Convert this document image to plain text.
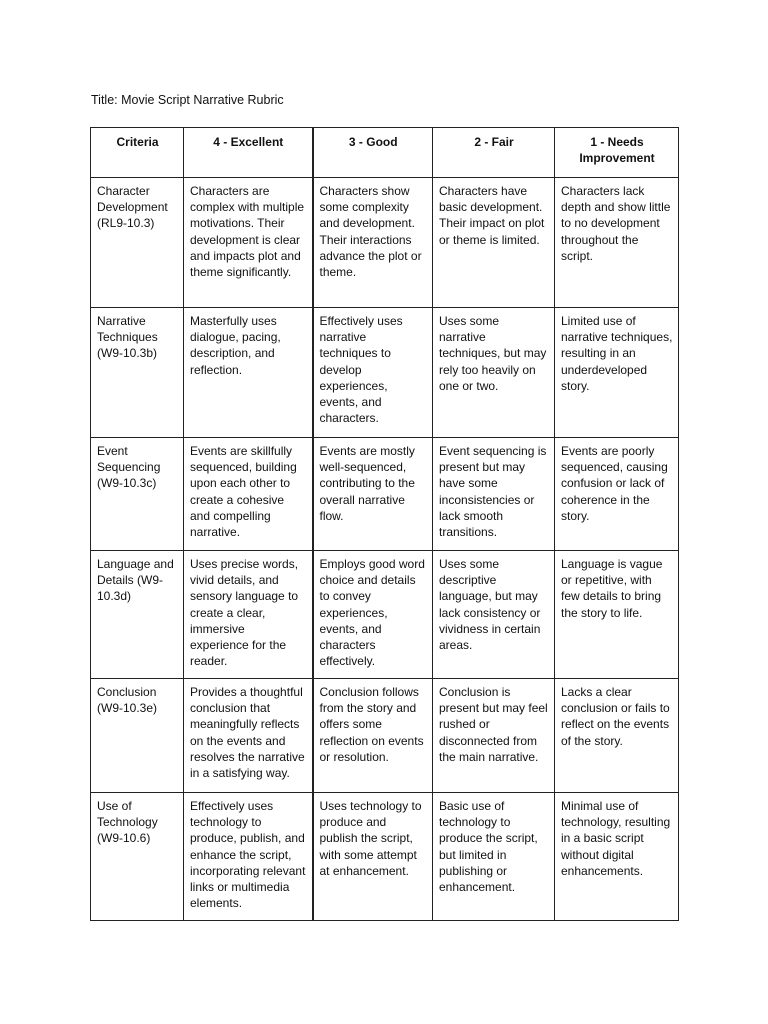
Title: Movie Script Narrative Rubric
Criteria	4 - Excellent	3 - Good	2 - Fair	1 - Needs Improvement
Character Development (RL9-10.3)	Characters are complex with multiple motivations. Their development is clear and impacts plot and theme significantly.	Characters show some complexity and development. Their interactions advance the plot or theme.	Characters have basic development. Their impact on plot or theme is limited.	Characters lack depth and show little to no development throughout the script.
Narrative Techniques (W9-10.3b)	Masterfully uses dialogue, pacing, description, and reflection.	Effectively uses narrative techniques to develop experiences, events, and characters.	Uses some narrative techniques, but may rely too heavily on one or two.	Limited use of narrative techniques, resulting in an underdeveloped story.
Event Sequencing (W9-10.3c)	Events are skillfully sequenced, building upon each other to create a cohesive and compelling narrative.	Events are mostly well-sequenced, contributing to the overall narrative flow.	Event sequencing is present but may have some inconsistencies or lack smooth transitions.	Events are poorly sequenced, causing confusion or lack of coherence in the story.
Language and Details (W9-10.3d)	Uses precise words, vivid details, and sensory language to create a clear, immersive experience for the reader.	Employs good word choice and details to convey experiences, events, and characters effectively.	Uses some descriptive language, but may lack consistency or vividness in certain areas.	Language is vague or repetitive, with few details to bring the story to life.
Conclusion (W9-10.3e)	Provides a thoughtful conclusion that meaningfully reflects on the events and resolves the narrative in a satisfying way.	Conclusion follows from the story and offers some reflection on events or resolution.	Conclusion is present but may feel rushed or disconnected from the main narrative.	Lacks a clear conclusion or fails to reflect on the events of the story.
Use of Technology (W9-10.6)	Effectively uses technology to produce, publish, and enhance the script, incorporating relevant links or multimedia elements.	Uses technology to produce and publish the script, with some attempt at enhancement.	Basic use of technology to produce the script, but limited in publishing or enhancement.	Minimal use of technology, resulting in a basic script without digital enhancements.
